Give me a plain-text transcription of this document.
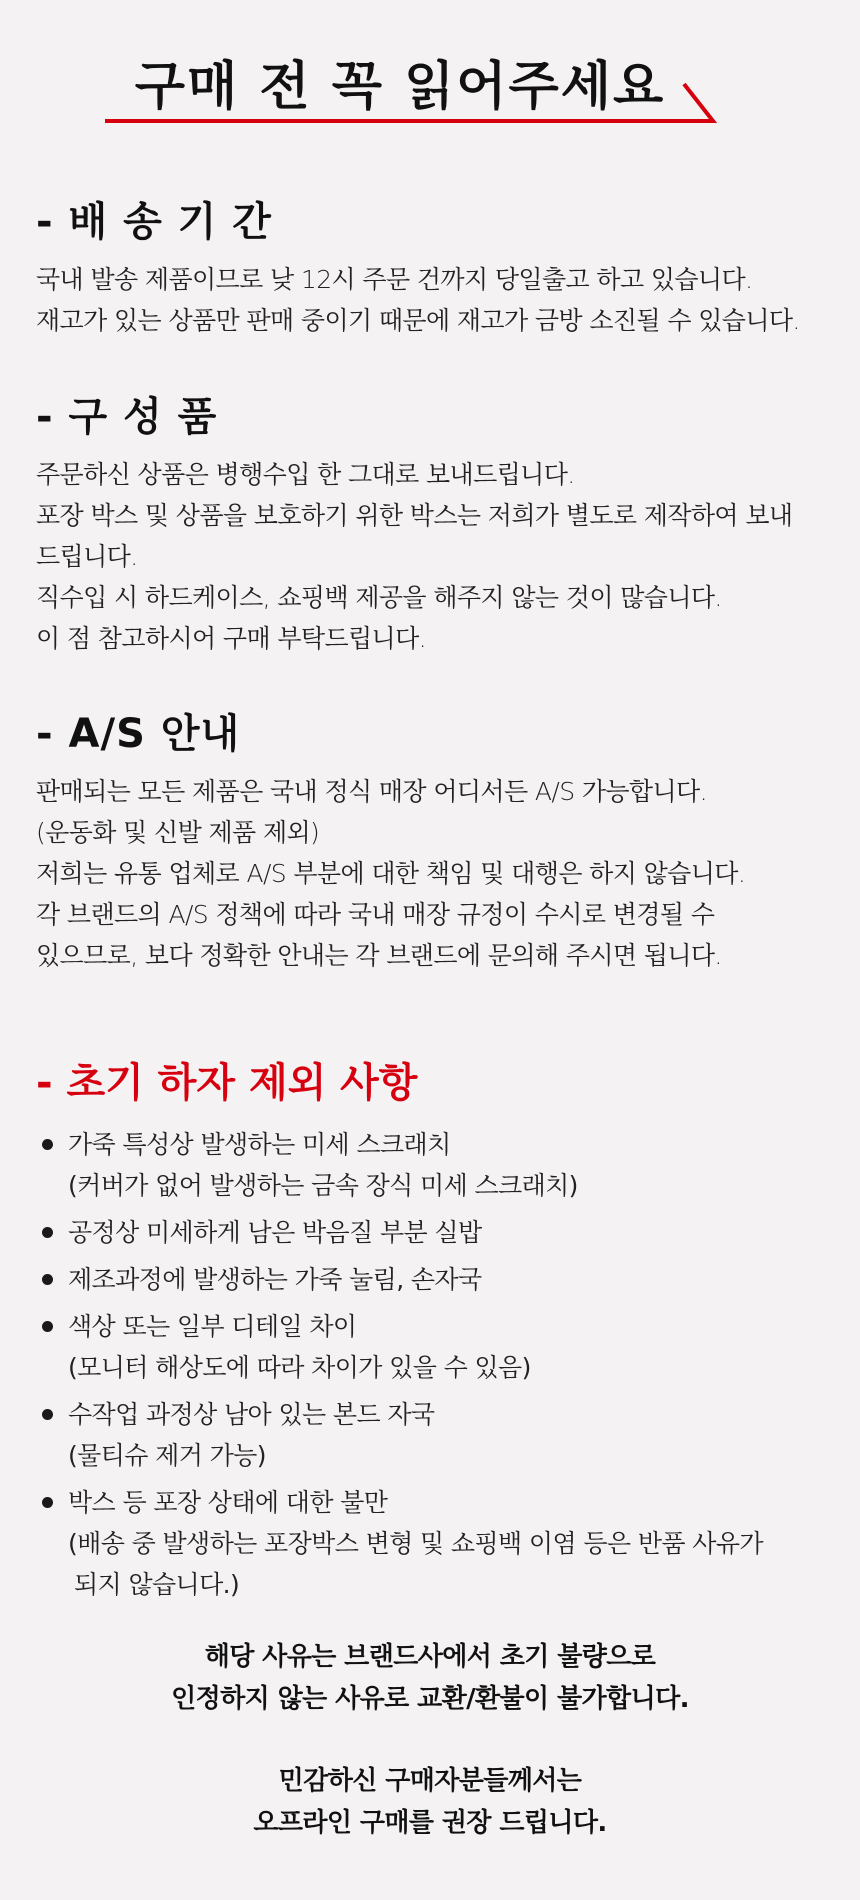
구매 전 꼭 읽어주세요
- 배 송 기 간

국내 발송 제품이므로 낮 12시 주문 건까지 당일출고 하고 있습니다.

재고가 있는 상품만 판매 중이기 때문에 재고가 금방 소진될 수 있습니다.

- 구 성 품

주문하신 상품은 병행수입 한 그대로 보내드립니다.

포장 박스 및 상품을 보호하기 위한 박스는 저희가 별도로 제작하여 보내

드립니다.

직수입 시 하드케이스, 쇼핑백 제공을 해주지 않는 것이 많습니다.

이 점 참고하시어 구매 부탁드립니다.

- A/S 안내

판매되는 모든 제품은 국내 정식 매장 어디서든 A/S 가능합니다.

(운동화 및 신발 제품 제외)

저희는 유통 업체로 A/S 부분에 대한 책임 및 대행은 하지 않습니다.

각 브랜드의 A/S 정책에 따라 국내 매장 규정이 수시로 변경될 수

있으므로, 보다 정확한 안내는 각 브랜드에 문의해 주시면 됩니다.

- 초기 하자 제외 사항

가죽 특성상 발생하는 미세 스크래치

(커버가 없어 발생하는 금속 장식 미세 스크래치)

공정상 미세하게 남은 박음질 부분 실밥

제조과정에 발생하는 가죽 눌림, 손자국

색상 또는 일부 디테일 차이

(모니터 해상도에 따라 차이가 있을 수 있음)

수작업 과정상 남아 있는 본드 자국

(물티슈 제거 가능)

박스 등 포장 상태에 대한 불만

(배송 중 발생하는 포장박스 변형 및 쇼핑백 이염 등은 반품 사유가

되지 않습니다.)

해당 사유는 브랜드사에서 초기 불량으로

인정하지 않는 사유로 교환/환불이 불가합니다.

민감하신 구매자분들께서는

오프라인 구매를 권장 드립니다.
